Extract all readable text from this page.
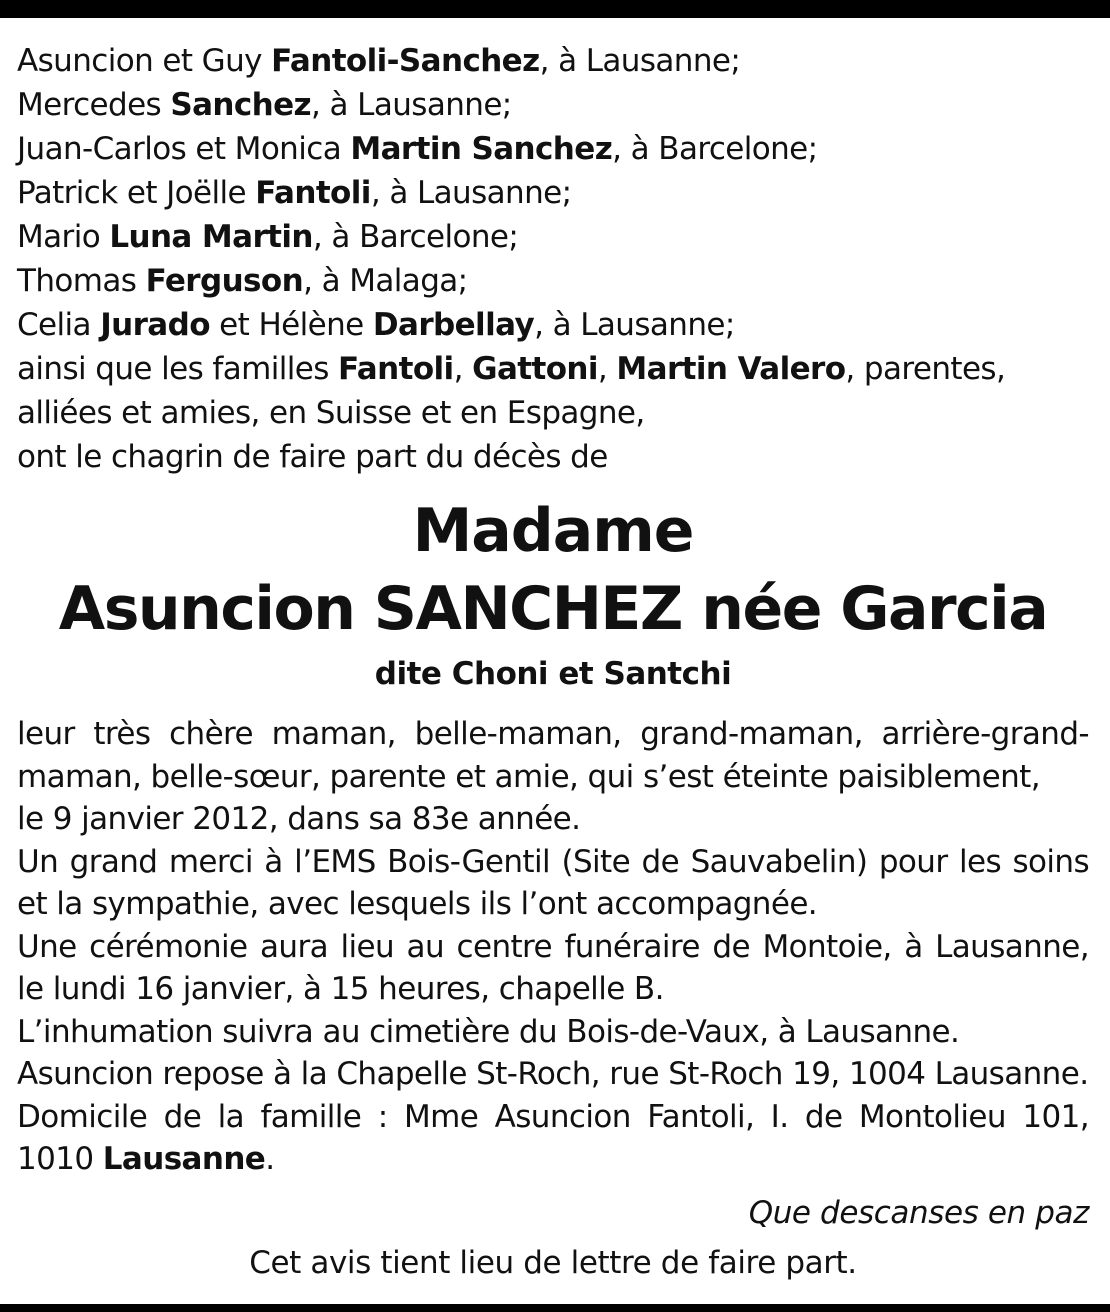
Asuncion et Guy Fantoli-Sanchez, à Lausanne;
Mercedes Sanchez, à Lausanne;
Juan-Carlos et Monica Martin Sanchez, à Barcelone;
Patrick et Joëlle Fantoli, à Lausanne;
Mario Luna Martin, à Barcelone;
Thomas Ferguson, à Malaga;
Celia Jurado et Hélène Darbellay, à Lausanne;
ainsi que les familles Fantoli, Gattoni, Martin Valero, parentes, alliées et amies, en Suisse et en Espagne,
ont le chagrin de faire part du décès de
Madame
Asuncion SANCHEZ née Garcia
dite Choni et Santchi
leur très chère maman, belle-maman, grand-maman, arrière-grand-maman, belle-sœur, parente et amie, qui s’est éteinte paisiblement,
le 9 janvier 2012, dans sa 83e année.
Un grand merci à l’EMS Bois-Gentil (Site de Sauvabelin) pour les soins et la sympathie, avec lesquels ils l’ont accompagnée.
Une cérémonie aura lieu au centre funéraire de Montoie, à Lausanne, le lundi 16 janvier, à 15 heures, chapelle B.
L’inhumation suivra au cimetière du Bois-de-Vaux, à Lausanne.
Asuncion repose à la Chapelle St-Roch, rue St-Roch 19, 1004 Lausanne.
Domicile de la famille : Mme Asuncion Fantoli, I. de Montolieu 101, 1010 Lausanne.
Que descanses en paz
Cet avis tient lieu de lettre de faire part.
